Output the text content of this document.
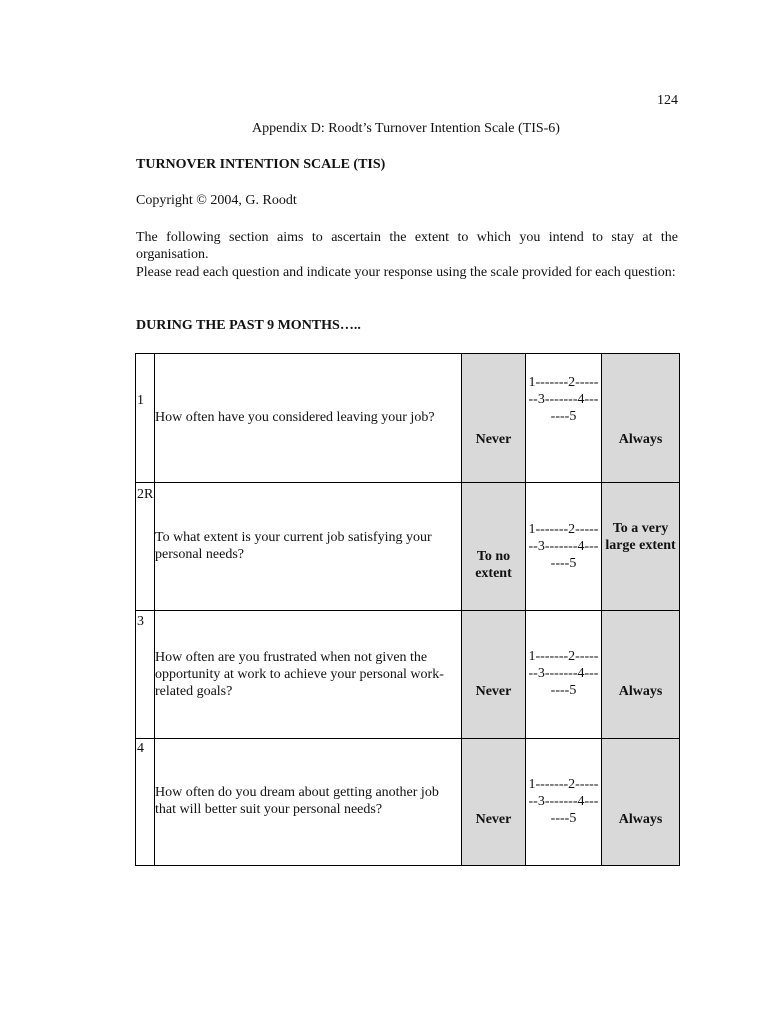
124
Appendix D: Roodt’s Turnover Intention Scale (TIS-6)
TURNOVER INTENTION SCALE (TIS)
Copyright © 2004, G. Roodt
The following section aims to ascertain the extent to which you intend to stay at the organisation.
Please read each question and indicate your response using the scale provided for each question:
DURING THE PAST 9 MONTHS…..
1	How often have you considered leaving your job?	Never	1-------2-------3-------4-------5	Always

2R	To what extent is your current job satisfying your personal needs?	To no extent	1-------2-------3-------4-------5	To a very large extent

3	How often are you frustrated when not given the opportunity at work to achieve your personal work-related goals?	Never	1-------2-------3-------4-------5	Always

4	How often do you dream about getting another job that will better suit your personal needs?	Never	1-------2-------3-------4-------5	Always
